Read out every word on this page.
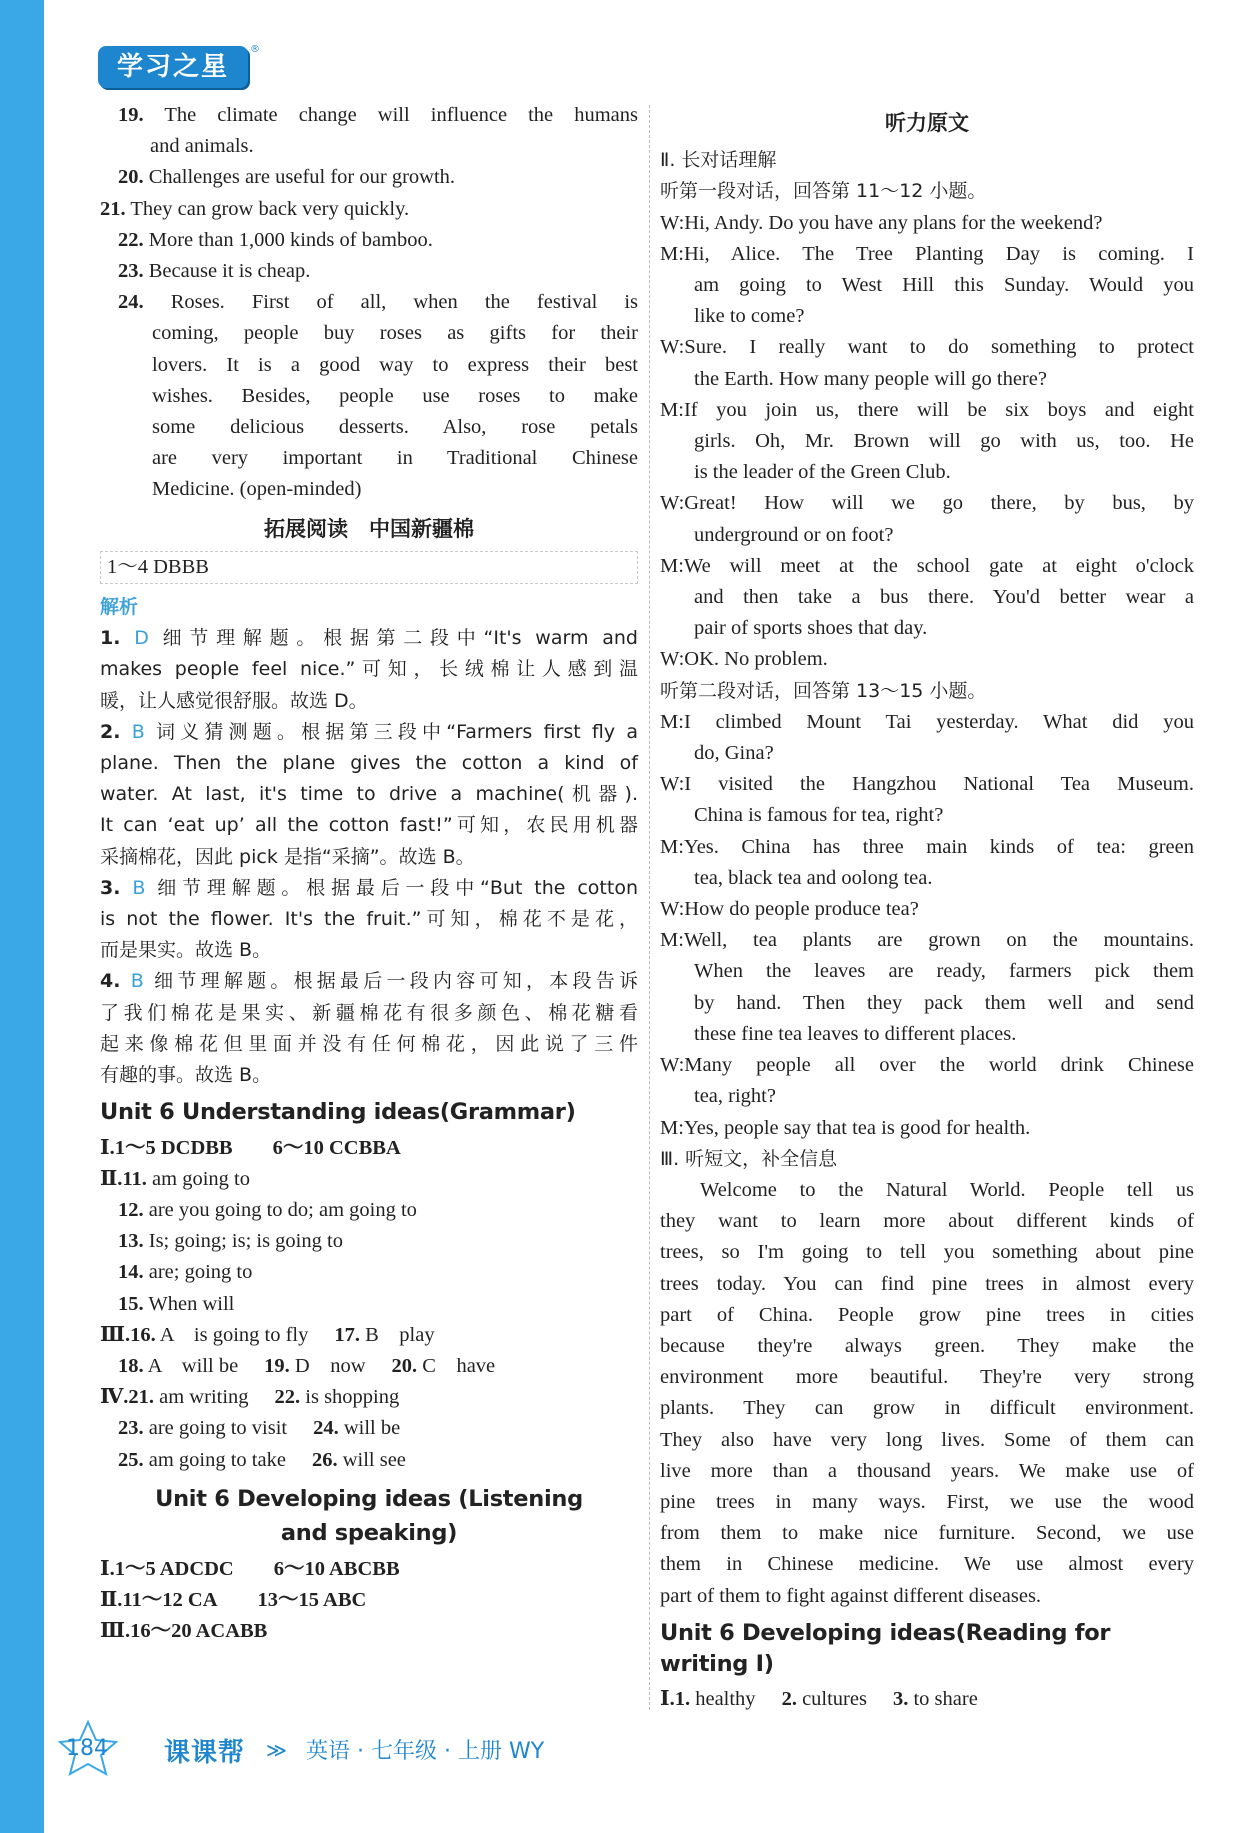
学习之星
®
19. The climate change will influence the humans
and animals.
20. Challenges are useful for our growth.
21. They can grow back very quickly.
22. More than 1,000 kinds of bamboo.
23. Because it is cheap.
24. Roses. First of all, when the festival is
coming, people buy roses as gifts for their
lovers. It is a good way to express their best
wishes. Besides, people use roses to make
some delicious desserts. Also, rose petals
are very important in Traditional Chinese
Medicine. (open-minded)
拓展阅读　中国新疆棉
1～4 DBBB
解析
1. D 细节理解题。根据第二段中“It's warm and
makes people feel nice.”可知，长绒棉让人感到温
暖，让人感觉很舒服。故选 D。
2. B 词义猜测题。根据第三段中“Farmers first fly a
plane. Then the plane gives the cotton a kind of
water. At last, it's time to drive a machine(机器).
It can ‘eat up’ all the cotton fast!”可知，农民用机器
采摘棉花，因此 pick 是指“采摘”。故选 B。
3. B 细节理解题。根据最后一段中“But the cotton
is not the flower. It's the fruit.”可知，棉花不是花，
而是果实。故选 B。
4. B 细节理解题。根据最后一段内容可知，本段告诉
了我们棉花是果实、新疆棉花有很多颜色、棉花糖看
起来像棉花但里面并没有任何棉花，因此说了三件
有趣的事。故选 B。
Unit 6 Understanding ideas(Grammar)
Ⅰ.1～5 DCDBB 6～10 CCBBA
Ⅱ.11. am going to
12. are you going to do; am going to
13. Is; going; is; is going to
14. are; going to
15. When will
Ⅲ.16. A　is going to fly 17. B　play
18. A　will be 19. D　now 20. C　have
Ⅳ.21. am writing 22. is shopping
23. are going to visit 24. will be
25. am going to take 26. will see
Unit 6 Developing ideas (Listening
and speaking)
Ⅰ.1～5 ADCDC 6～10 ABCBB
Ⅱ.11～12 CA 13～15 ABC
Ⅲ.16～20 ACABB
听力原文
Ⅱ. 长对话理解
听第一段对话，回答第 11～12 小题。
W:Hi, Andy. Do you have any plans for the weekend?
M:Hi, Alice. The Tree Planting Day is coming. I
am going to West Hill this Sunday. Would you
like to come?
W:Sure. I really want to do something to protect
the Earth. How many people will go there?
M:If you join us, there will be six boys and eight
girls. Oh, Mr. Brown will go with us, too. He
is the leader of the Green Club.
W:Great! How will we go there, by bus, by
underground or on foot?
M:We will meet at the school gate at eight o'clock
and then take a bus there. You'd better wear a
pair of sports shoes that day.
W:OK. No problem.
听第二段对话，回答第 13～15 小题。
M:I climbed Mount Tai yesterday. What did you
do, Gina?
W:I visited the Hangzhou National Tea Museum.
China is famous for tea, right?
M:Yes. China has three main kinds of tea: green
tea, black tea and oolong tea.
W:How do people produce tea?
M:Well, tea plants are grown on the mountains.
When the leaves are ready, farmers pick them
by hand. Then they pack them well and send
these fine tea leaves to different places.
W:Many people all over the world drink Chinese
tea, right?
M:Yes, people say that tea is good for health.
Ⅲ. 听短文，补全信息
Welcome to the Natural World. People tell us
they want to learn more about different kinds of
trees, so I'm going to tell you something about pine
trees today. You can find pine trees in almost every
part of China. People grow pine trees in cities
because they're always green. They make the
environment more beautiful. They're very strong
plants. They can grow in difficult environment.
They also have very long lives. Some of them can
live more than a thousand years. We make use of
pine trees in many ways. First, we use the wood
from them to make nice furniture. Second, we use
them in Chinese medicine. We use almost every
part of them to fight against different diseases.
Unit 6 Developing ideas(Reading for writing Ⅰ)
Ⅰ.1. healthy 2. cultures 3. to share
184 课课帮 ≫ 英语 · 七年级 · 上册 WY
